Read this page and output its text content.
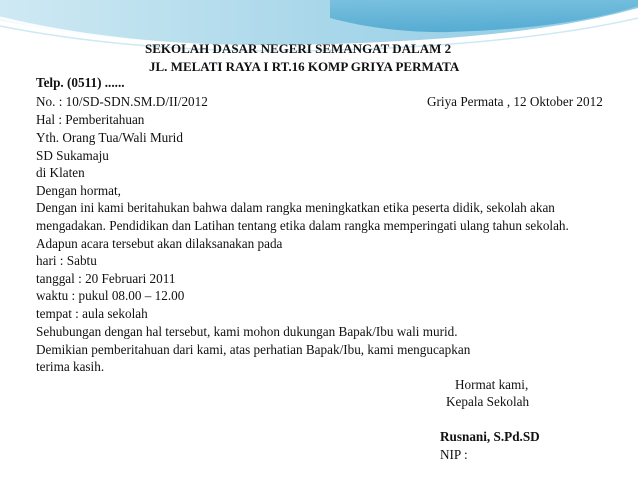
SEKOLAH DASAR NEGERI SEMANGAT DALAM 2
JL. MELATI RAYA I RT.16 KOMP GRIYA PERMATA
Telp. (0511) ......
No. : 10/SD-SDN.SM.D/II/2012	Griya Permata , 12 Oktober 2012
Hal : Pemberitahuan
Yth. Orang Tua/Wali Murid
SD Sukamaju
di Klaten
Dengan hormat,
Dengan ini kami beritahukan bahwa dalam rangka meningkatkan etika peserta didik, sekolah akan
mengadakan. Pendidikan dan Latihan tentang etika dalam rangka memperingati ulang tahun sekolah.
Adapun acara tersebut akan dilaksanakan pada
hari : Sabtu
tanggal : 20 Februari 2011
waktu : pukul 08.00 – 12.00
tempat : aula sekolah
Sehubungan dengan hal tersebut, kami mohon dukungan Bapak/Ibu wali murid.
Demikian pemberitahuan dari kami, atas perhatian Bapak/Ibu, kami mengucapkan
terima kasih.
Hormat kami,
Kepala Sekolah
Rusnani, S.Pd.SD
NIP :
